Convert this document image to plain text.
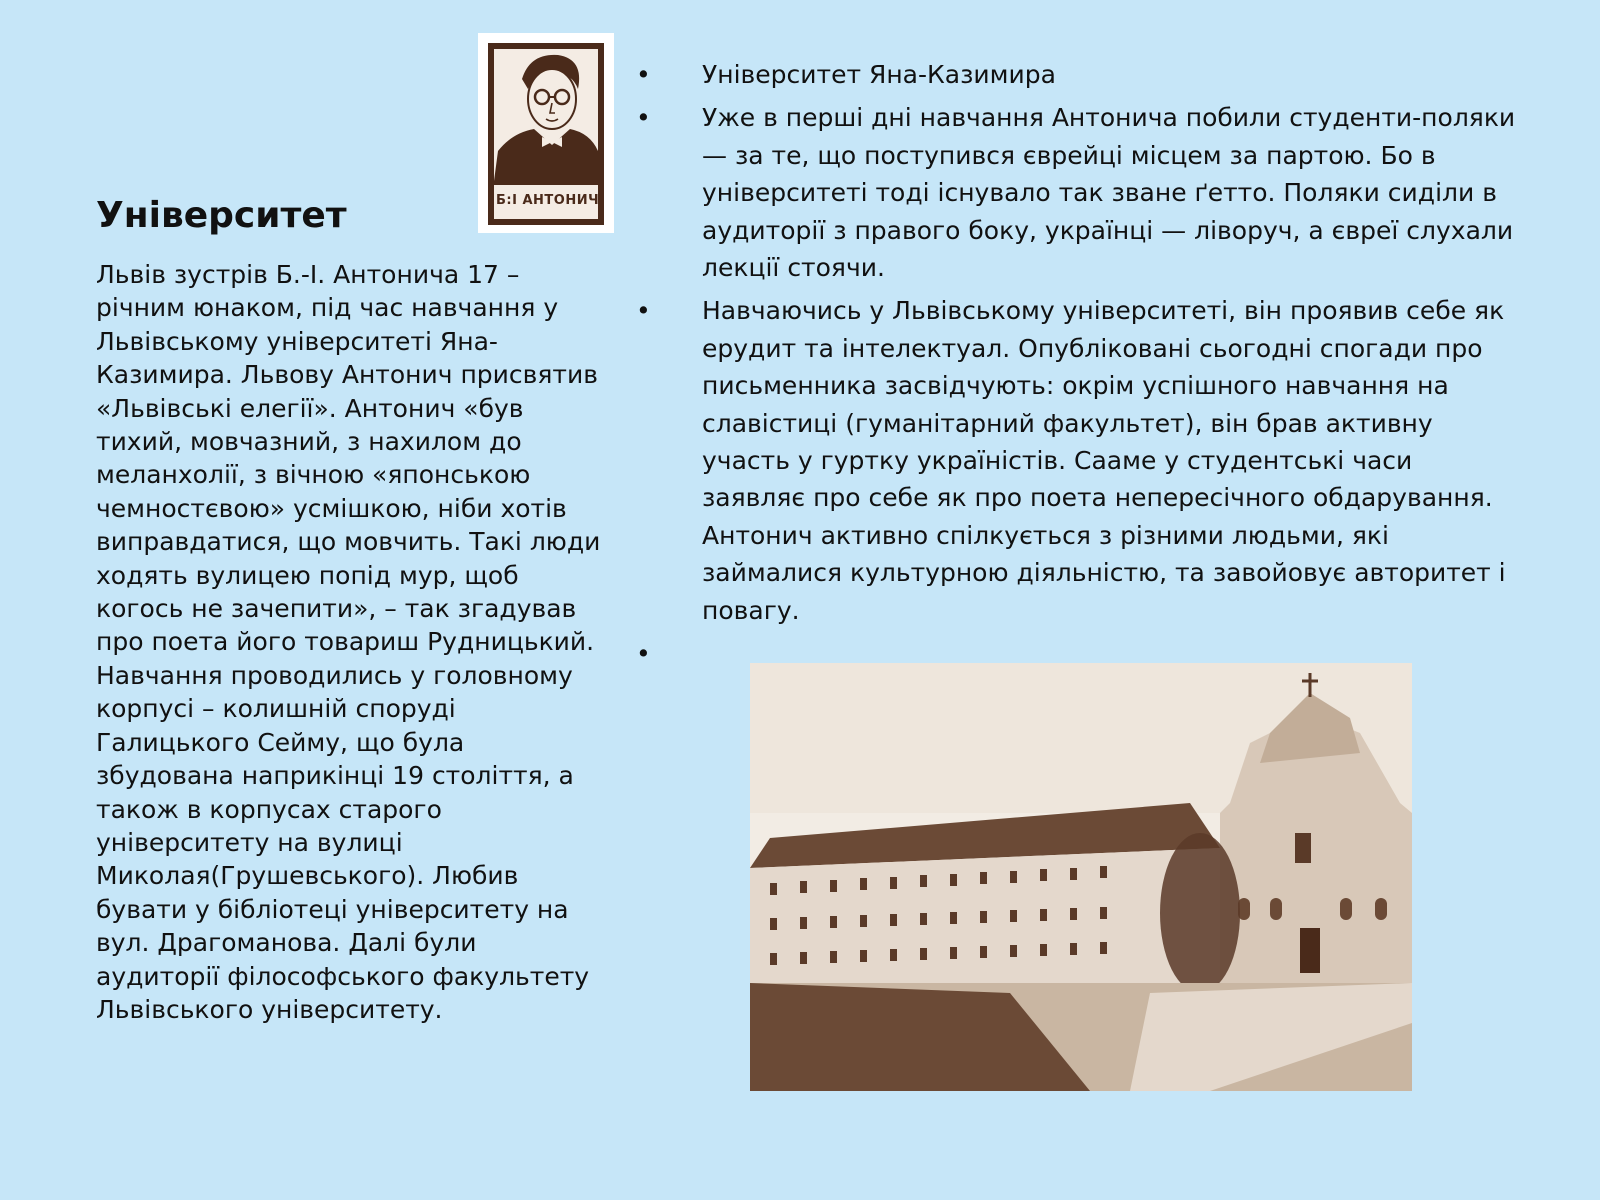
Університет

Львів зустрів Б.-І. Антонича 17 – річним юнаком, під час навчання у Львівському університеті Яна-Казимира. Львову Антонич присвятив «Львівські елегії». Антонич «був тихий, мовчазний, з нахилом до меланхолії, з вічною «японською чемностєвою» усмішкою, ніби хотів виправдатися, що мовчить. Такі люди ходять вулицею попід мур, щоб когось не зачепити», – так згадував про поета його товариш Рудницький. Навчання проводились у головному корпусі – колишній споруді Галицького Сейму, що була збудована наприкінці 19 століття, а також в корпусах старого університету на вулиці Миколая(Грушевського). Любив бувати у бібліотеці університету на вул. Драгоманова. Далі були аудиторії філософського факультету Львівського університету.

Б:І АНТОНИЧ
• Університет Яна-Казимира
• Уже в перші дні навчання Антонича побили студенти-поляки — за те, що поступився єврейці місцем за партою. Бо в університеті тоді існувало так зване ґетто. Поляки сиділи в аудиторії з правого боку, українці — ліворуч, а євреї слухали лекції стоячи.
• Навчаючись у Львівському університеті, він проявив себе як ерудит та інтелектуал. Опубліковані сьогодні спогади про письменника засвідчують: окрім успішного навчання на славістиці (гуманітарний факультет), він брав активну участь у гуртку україністів. Сааме у студентські часи заявляє про себе як про поета непересічного обдарування. Антонич активно спілкується з різними людьми, які займалися культурною діяльністю, та завойовує авторитет і повагу.
•
